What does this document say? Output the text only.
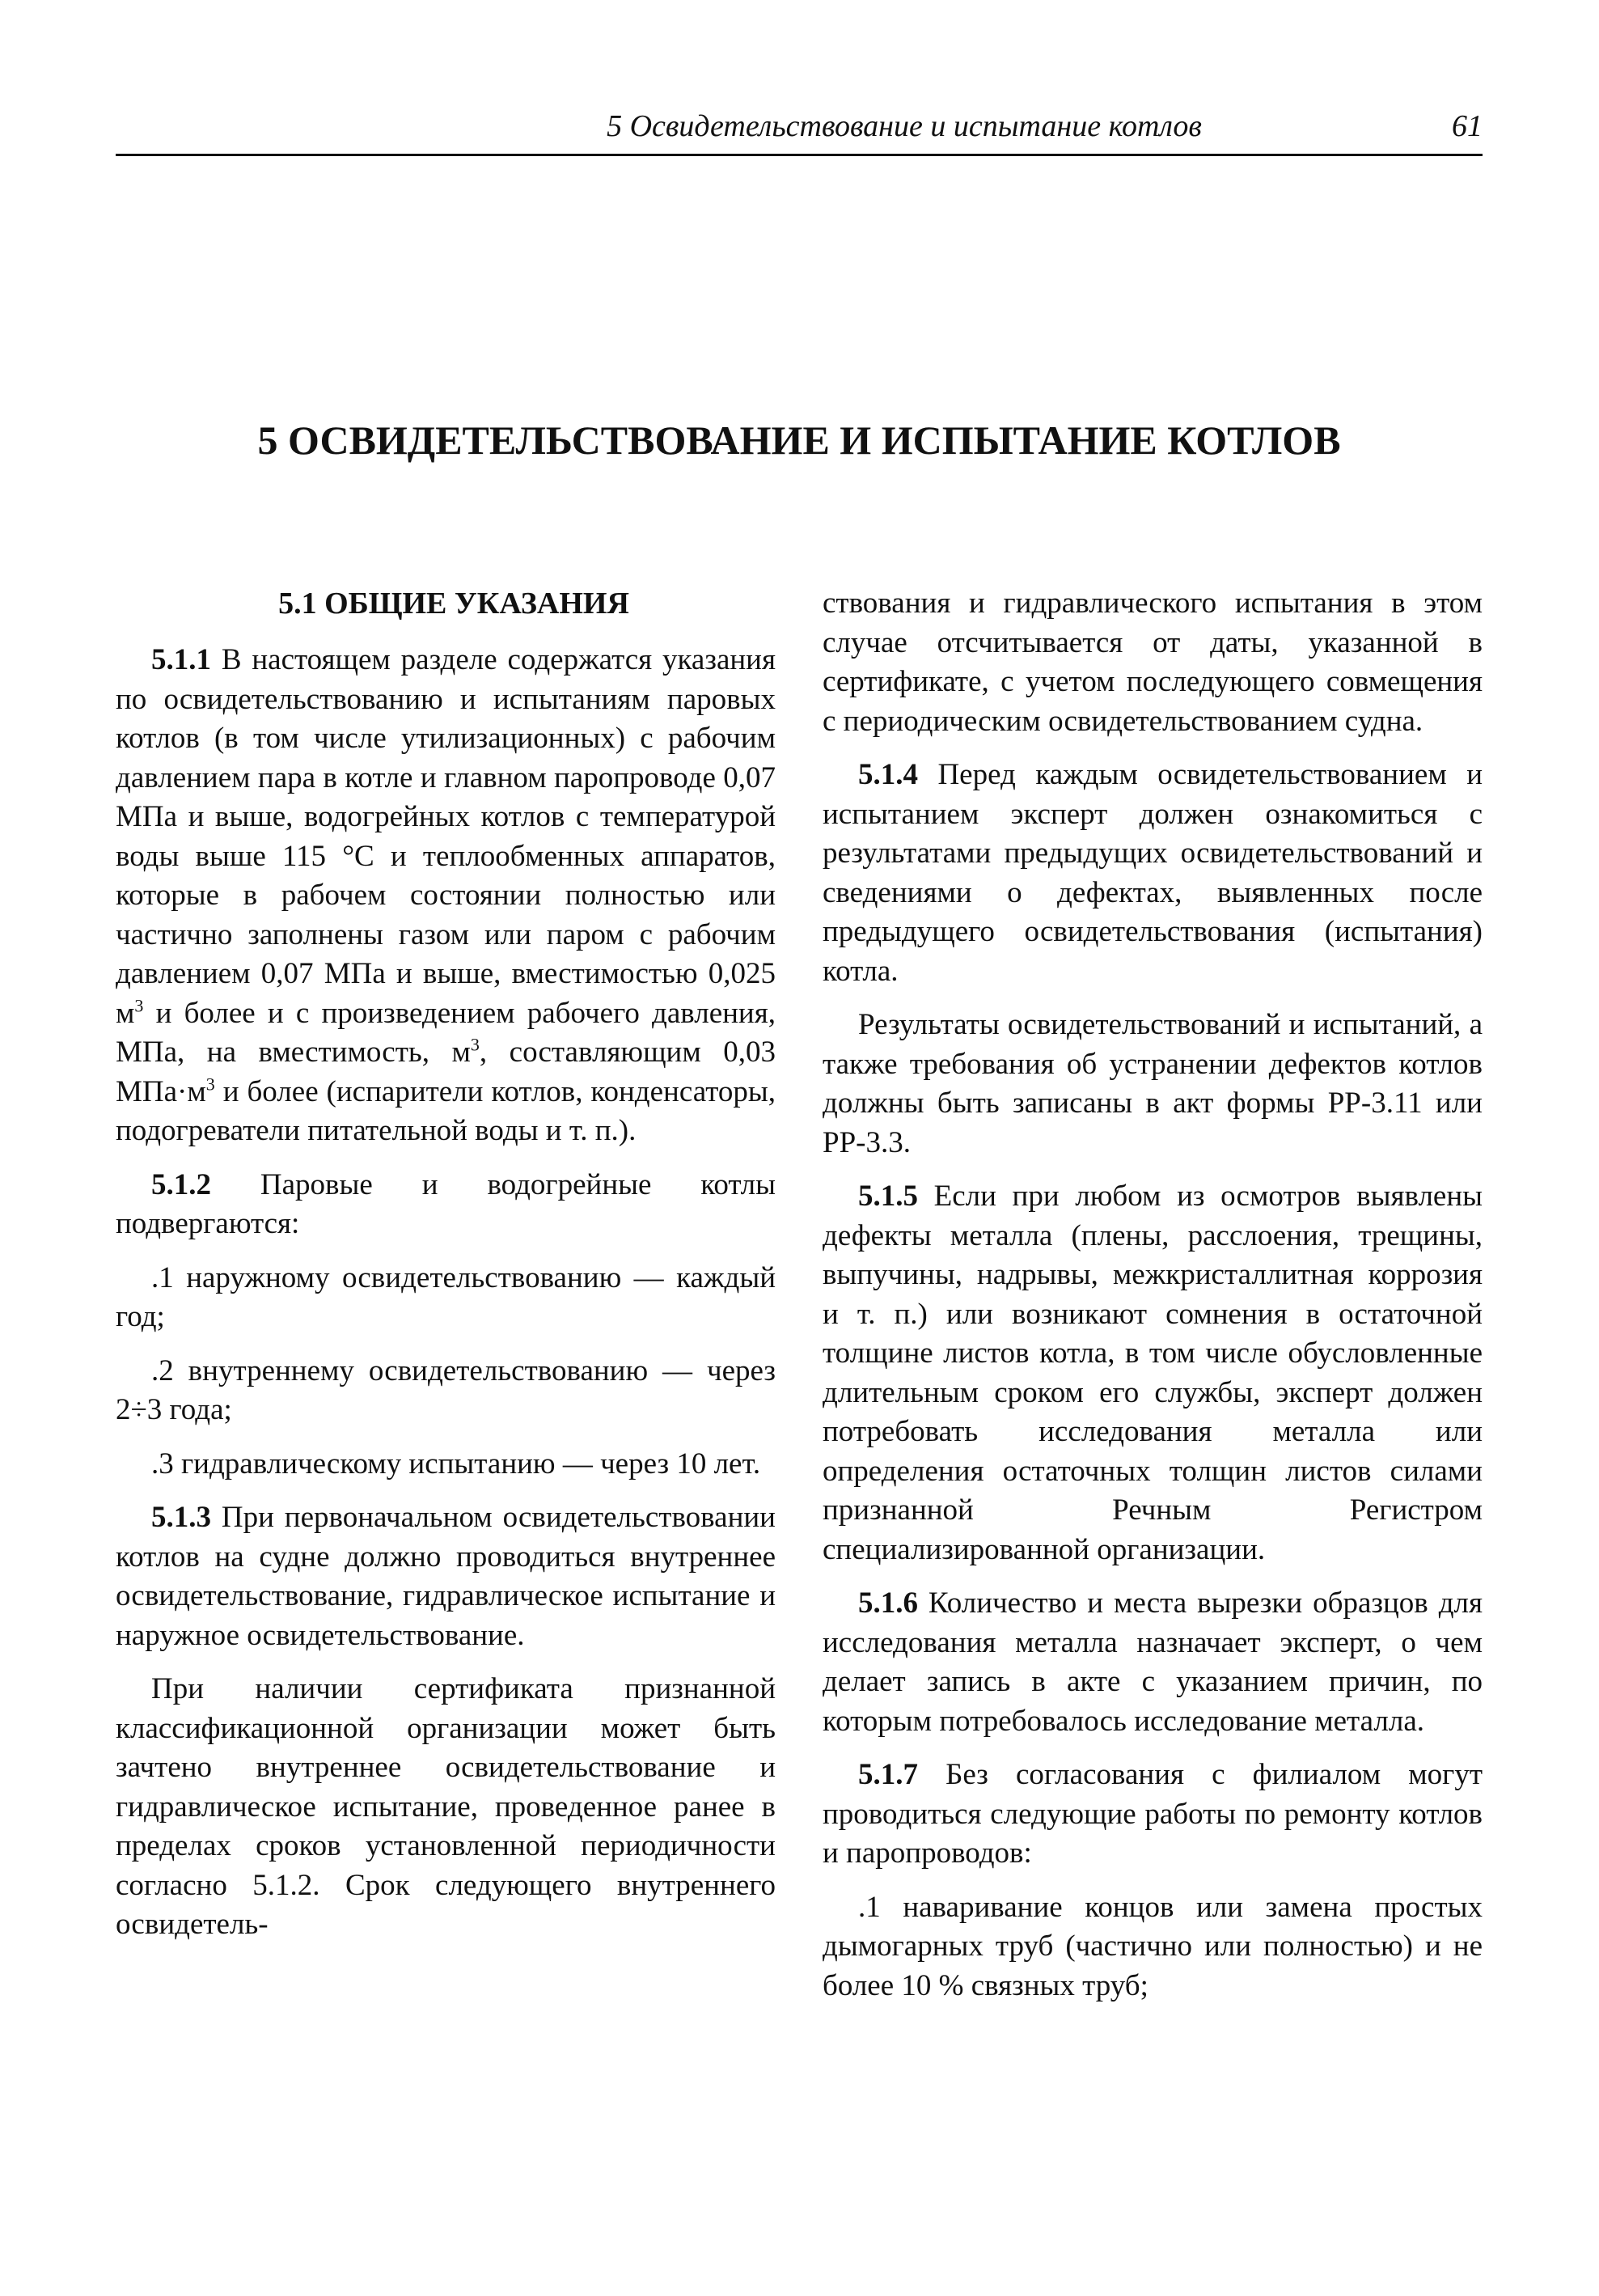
5 Освидетельствование и испытание котлов	61
5 ОСВИДЕТЕЛЬСТВОВАНИЕ И ИСПЫТАНИЕ КОТЛОВ
5.1 ОБЩИЕ УКАЗАНИЯ

5.1.1 В настоящем разделе содержатся указания по освидетельствованию и испытаниям паровых котлов (в том числе утилизационных) с рабочим давлением пара в котле и главном паропроводе 0,07 МПа и выше, водогрейных котлов с температурой воды выше 115 °С и теплообменных аппаратов, которые в рабочем состоянии полностью или частично заполнены газом или паром с рабочим давлением 0,07 МПа и выше, вместимостью 0,025 $м^3$ и более и с произведением рабочего давления, МПа, на вместимость, $м^3$, составляющим 0,03 $МПа\cdot м^3$ и более (испарители котлов, конденсаторы, подогреватели питательной воды и т. п.).

5.1.2 Паровые и водогрейные котлы подвергаются:

.1 наружному освидетельствованию — каждый год;

.2 внутреннему освидетельствованию — через 2÷3 года;

.3 гидравлическому испытанию — через 10 лет.

5.1.3 При первоначальном освидетельствовании котлов на судне должно проводиться внутреннее освидетельствование, гидравлическое испытание и наружное освидетельствование.

При наличии сертификата признанной классификационной организации может быть зачтено внутреннее освидетельствование и гидравлическое испытание, проведенное ранее в пределах сроков установленной периодичности согласно 5.1.2. Срок следующего внутреннего освидетель-

ствования и гидравлического испытания в этом случае отсчитывается от даты, указанной в сертификате, с учетом последующего совмещения с периодическим освидетельствованием судна.

5.1.4 Перед каждым освидетельствованием и испытанием эксперт должен ознакомиться с результатами предыдущих освидетельствований и сведениями о дефектах, выявленных после предыдущего освидетельствования (испытания) котла.

Результаты освидетельствований и испытаний, а также требования об устранении дефектов котлов должны быть записаны в акт формы РР-3.11 или РР-3.3.

5.1.5 Если при любом из осмотров выявлены дефекты металла (плены, расслоения, трещины, выпучины, надрывы, межкристаллитная коррозия и т. п.) или возникают сомнения в остаточной толщине листов котла, в том числе обусловленные длительным сроком его службы, эксперт должен потребовать исследования металла или определения остаточных толщин листов силами признанной Речным Регистром специализированной организации.

5.1.6 Количество и места вырезки образцов для исследования металла назначает эксперт, о чем делает запись в акте с указанием причин, по которым потребовалось исследование металла.

5.1.7 Без согласования с филиалом могут проводиться следующие работы по ремонту котлов и паропроводов:

.1 наваривание концов или замена простых дымогарных труб (частично или полностью) и не более 10 % связных труб;
